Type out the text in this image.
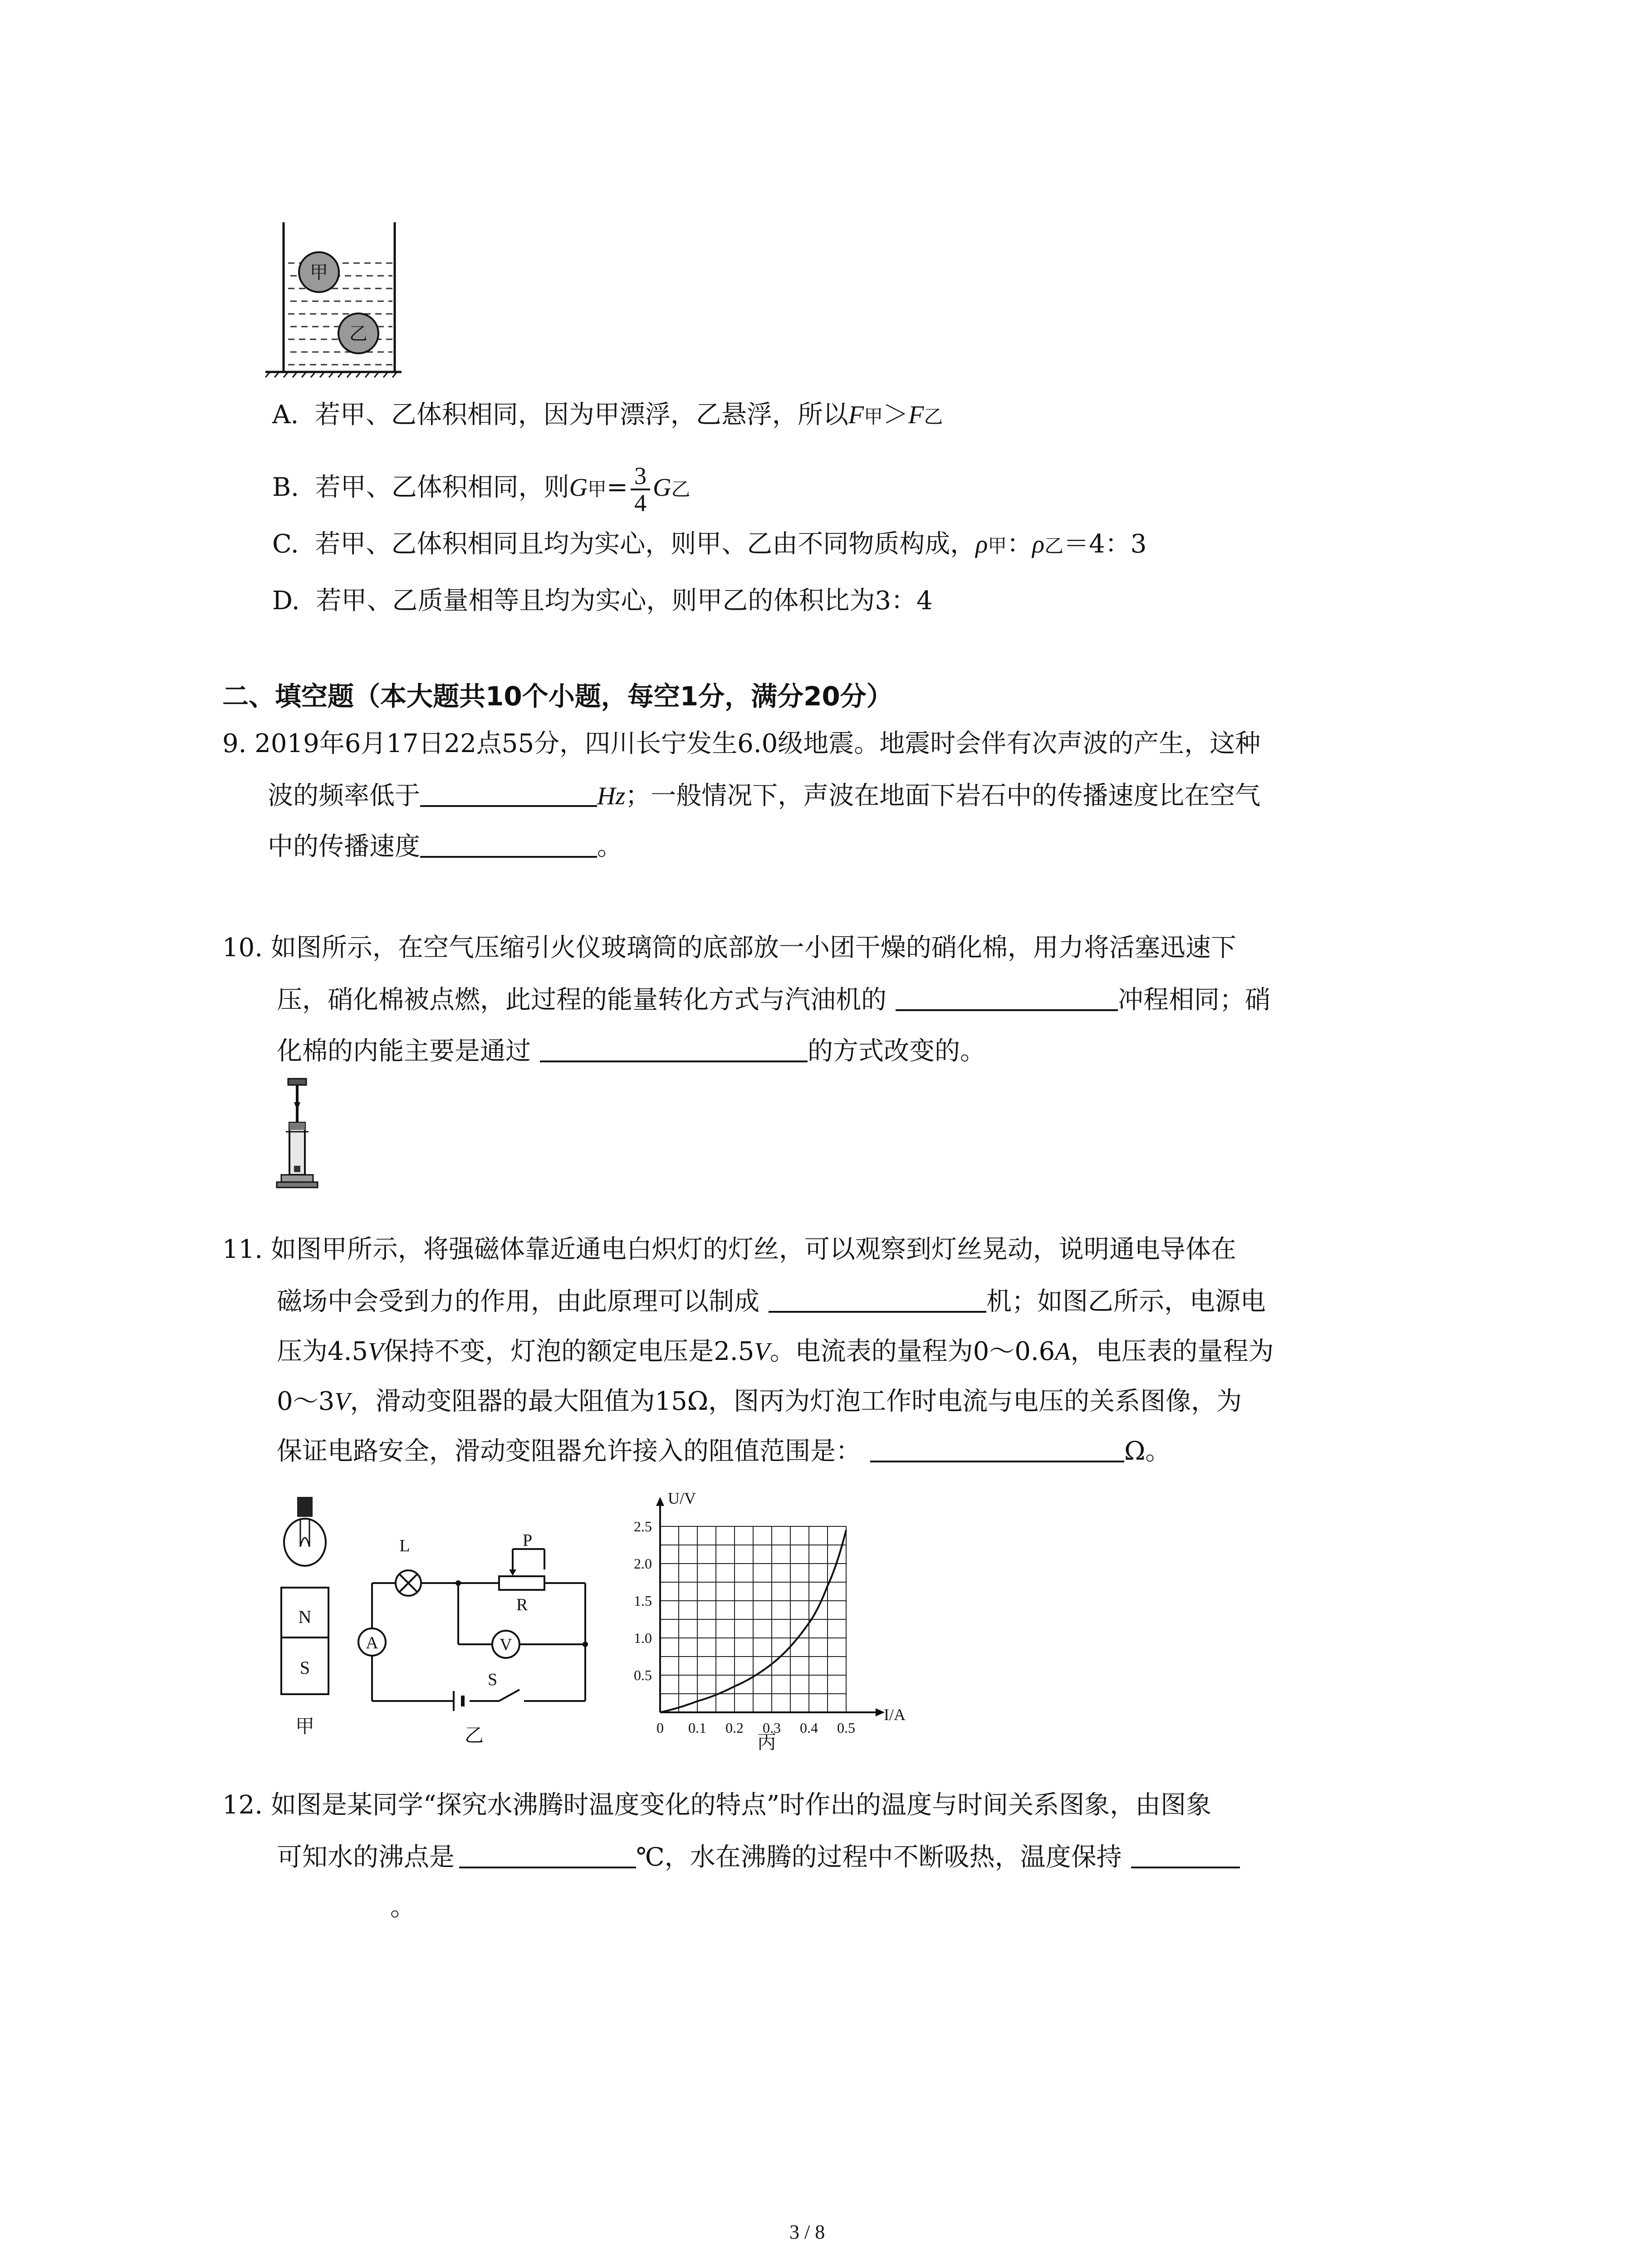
甲
乙
A. 若甲、乙体积相同，因为甲漂浮，乙悬浮，所以F甲＞F乙
B. 若甲、乙体积相同，则G甲= $\frac{3}{4}$ G乙
C. 若甲、乙体积相同且均为实心，则甲、乙由不同物质构成，ρ甲：ρ乙＝4：3
D. 若甲、乙质量相等且均为实心，则甲乙的体积比为3：4
二、填空题（本大题共10个小题，每空1分，满分20分）
9. 2019年6月17日22点55分，四川长宁发生6.0级地震。地震时会伴有次声波的产生，这种
波的频率低于	Hz；一般情况下，声波在地面下岩石中的传播速度比在空气
中的传播速度	。
10. 如图所示，在空气压缩引火仪玻璃筒的底部放一小团干燥的硝化棉，用力将活塞迅速下
压，硝化棉被点燃，此过程的能量转化方式与汽油机的	冲程相同；硝
化棉的内能主要是通过	的方式改变的。
11. 如图甲所示，将强磁体靠近通电白炽灯的灯丝，可以观察到灯丝晃动，说明通电导体在
磁场中会受到力的作用，由此原理可以制成	机；如图乙所示，电源电
压为4.5V保持不变，灯泡的额定电压是2.5V。电流表的量程为0～0.6A，电压表的量程为
0～3V，滑动变阻器的最大阻值为15Ω，图丙为灯泡工作时电流与电压的关系图像，为
保证电路安全，滑动变阻器允许接入的阻值范围是：	Ω。
N
S
甲
A	V
L	P
R
S
乙	0 0.1 0.2 0.3 0.4 0.5
0.5
1.0
1.5
2.0
2.5
U/V
I/A
丙
12. 如图是某同学“探究水沸腾时温度变化的特点”时作出的温度与时间关系图象，由图象
可知水的沸点是	℃，水在沸腾的过程中不断吸热，温度保持
。
3 / 8
